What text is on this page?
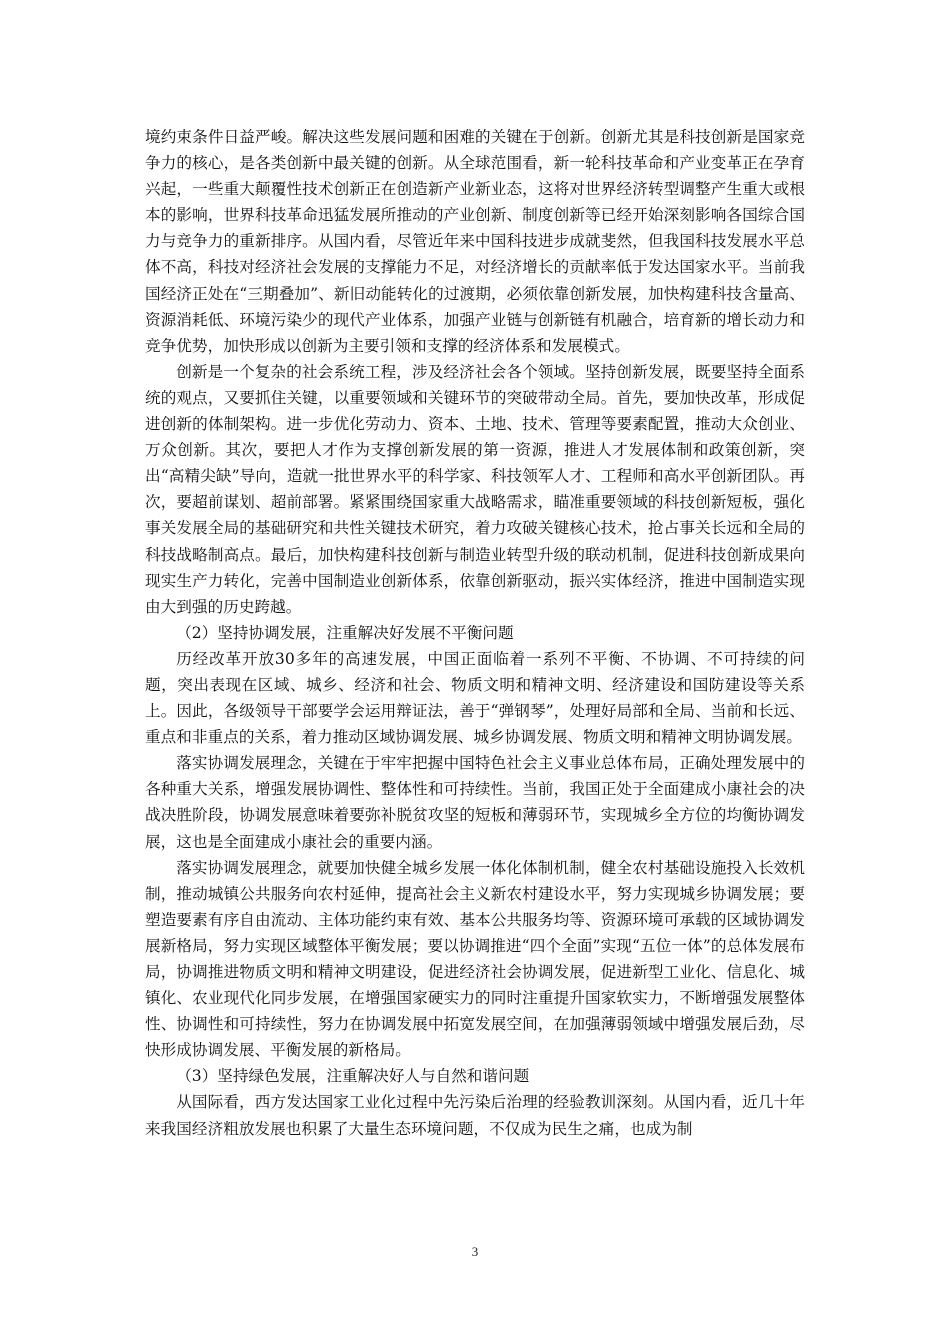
境约束条件日益严峻。解决这些发展问题和困难的关键在于创新。创新尤其是科技创新是国家竞争力的核心，是各类创新中最关键的创新。从全球范围看，新一轮科技革命和产业变革正在孕育兴起，一些重大颠覆性技术创新正在创造新产业新业态，这将对世界经济转型调整产生重大或根本的影响，世界科技革命迅猛发展所推动的产业创新、制度创新等已经开始深刻影响各国综合国力与竞争力的重新排序。从国内看，尽管近年来中国科技进步成就斐然，但我国科技发展水平总体不高，科技对经济社会发展的支撑能力不足，对经济增长的贡献率低于发达国家水平。当前我国经济正处在“三期叠加”、新旧动能转化的过渡期，必须依靠创新发展，加快构建科技含量高、资源消耗低、环境污染少的现代产业体系，加强产业链与创新链有机融合，培育新的增长动力和竞争优势，加快形成以创新为主要引领和支撑的经济体系和发展模式。

创新是一个复杂的社会系统工程，涉及经济社会各个领域。坚持创新发展，既要坚持全面系统的观点，又要抓住关键，以重要领域和关键环节的突破带动全局。首先，要加快改革，形成促进创新的体制架构。进一步优化劳动力、资本、土地、技术、管理等要素配置，推动大众创业、万众创新。其次，要把人才作为支撑创新发展的第一资源，推进人才发展体制和政策创新，突出“高精尖缺”导向，造就一批世界水平的科学家、科技领军人才、工程师和高水平创新团队。再次，要超前谋划、超前部署。紧紧围绕国家重大战略需求，瞄准重要领域的科技创新短板，强化事关发展全局的基础研究和共性关键技术研究，着力攻破关键核心技术，抢占事关长远和全局的科技战略制高点。最后，加快构建科技创新与制造业转型升级的联动机制，促进科技创新成果向现实生产力转化，完善中国制造业创新体系，依靠创新驱动，振兴实体经济，推进中国制造实现由大到强的历史跨越。

（2）坚持协调发展，注重解决好发展不平衡问题

历经改革开放30多年的高速发展，中国正面临着一系列不平衡、不协调、不可持续的问题，突出表现在区域、城乡、经济和社会、物质文明和精神文明、经济建设和国防建设等关系上。因此，各级领导干部要学会运用辩证法，善于“弹钢琴”，处理好局部和全局、当前和长远、重点和非重点的关系，着力推动区域协调发展、城乡协调发展、物质文明和精神文明协调发展。

落实协调发展理念，关键在于牢牢把握中国特色社会主义事业总体布局，正确处理发展中的各种重大关系，增强发展协调性、整体性和可持续性。当前，我国正处于全面建成小康社会的决战决胜阶段，协调发展意味着要弥补脱贫攻坚的短板和薄弱环节，实现城乡全方位的均衡协调发展，这也是全面建成小康社会的重要内涵。

落实协调发展理念，就要加快健全城乡发展一体化体制机制，健全农村基础设施投入长效机制，推动城镇公共服务向农村延伸，提高社会主义新农村建设水平，努力实现城乡协调发展；要塑造要素有序自由流动、主体功能约束有效、基本公共服务均等、资源环境可承载的区域协调发展新格局，努力实现区域整体平衡发展；要以协调推进“四个全面”实现“五位一体”的总体发展布局，协调推进物质文明和精神文明建设，促进经济社会协调发展，促进新型工业化、信息化、城镇化、农业现代化同步发展，在增强国家硬实力的同时注重提升国家软实力，不断增强发展整体性、协调性和可持续性，努力在协调发展中拓宽发展空间，在加强薄弱领域中增强发展后劲，尽快形成协调发展、平衡发展的新格局。

（3）坚持绿色发展，注重解决好人与自然和谐问题

从国际看，西方发达国家工业化过程中先污染后治理的经验教训深刻。从国内看，近几十年来我国经济粗放发展也积累了大量生态环境问题，不仅成为民生之痛，也成为制

3
